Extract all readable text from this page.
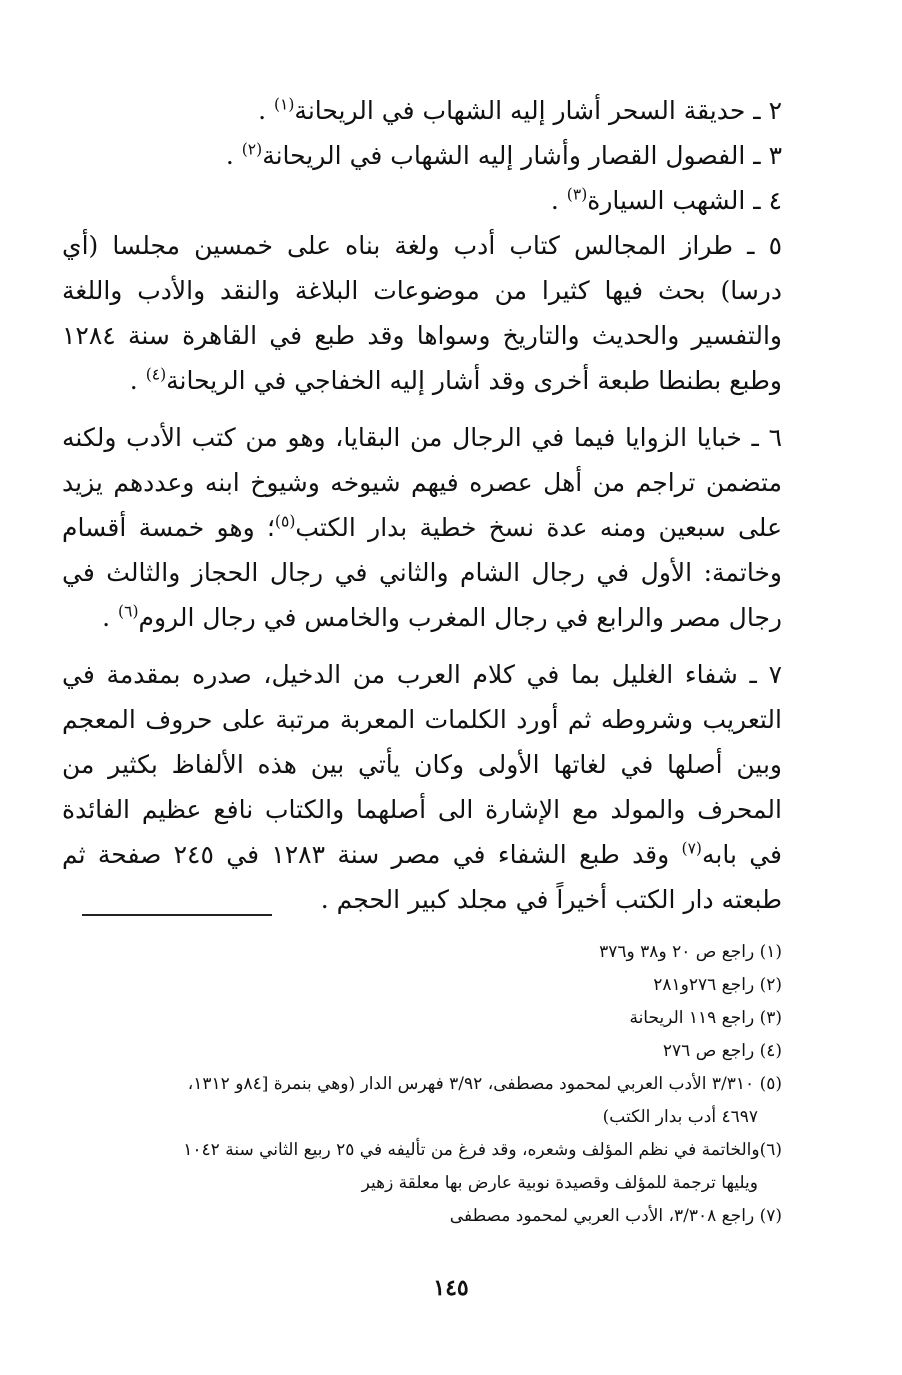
٢ ـ حديقة السحر أشار إليه الشهاب في الريحانة$^{(١)}$ .

٣ ـ الفصول القصار وأشار إليه الشهاب في الريحانة$^{(٢)}$ .

٤ ـ الشهب السيارة$^{(٣)}$ .

٥ ـ طراز المجالس كتاب أدب ولغة بناه على خمسين مجلسا (أي درسا) بحث فيها كثيرا من موضوعات البلاغة والنقد والأدب واللغة والتفسير والحديث والتاريخ وسواها وقد طبع في القاهرة سنة ١٢٨٤ وطبع بطنطا طبعة أخرى وقد أشار إليه الخفاجي في الريحانة$^{(٤)}$ .

٦ ـ خبايا الزوايا فيما في الرجال من البقايا، وهو من كتب الأدب ولكنه متضمن تراجم من أهل عصره فيهم شيوخه وشيوخ ابنه وعددهم يزيد على سبعين ومنه عدة نسخ خطية بدار الكتب$^{(٥)}$؛ وهو خمسة أقسام وخاتمة: الأول في رجال الشام والثاني في رجال الحجاز والثالث في رجال مصر والرابع في رجال المغرب والخامس في رجال الروم$^{(٦)}$ .

٧ ـ شفاء الغليل بما في كلام العرب من الدخيل، صدره بمقدمة في التعريب وشروطه ثم أورد الكلمات المعربة مرتبة على حروف المعجم وبين أصلها في لغاتها الأولى وكان يأتي بين هذه الألفاظ بكثير من المحرف والمولد مع الإشارة الى أصلهما والكتاب نافع عظيم الفائدة في بابه$^{(٧)}$ وقد طبع الشفاء في مصر سنة ١٢٨٣ في ٢٤٥ صفحة ثم طبعته دار الكتب أخيراً في مجلد كبير الحجم .

(١) راجع ص ٢٠ و٣٨ و٣٧٦

(٢) راجع ٢٧٦و٢٨١

(٣) راجع ١١٩ الريحانة

(٤) راجع ص ٢٧٦

(٥) ٣/٣١٠ الأدب العربي لمحمود مصطفى، ٣/٩٢ فهرس الدار (وهي بنمرة [٨٤و ١٣١٢،
٤٦٩٧ أدب بدار الكتب)

(٦)والخاتمة في نظم المؤلف وشعره، وقد فرغ من تأليفه في ٢٥ ربيع الثاني سنة ١٠٤٢
ويليها ترجمة للمؤلف وقصيدة نوبية عارض بها معلقة زهير

(٧) راجع ٣/٣٠٨، الأدب العربي لمحمود مصطفى

١٤٥
